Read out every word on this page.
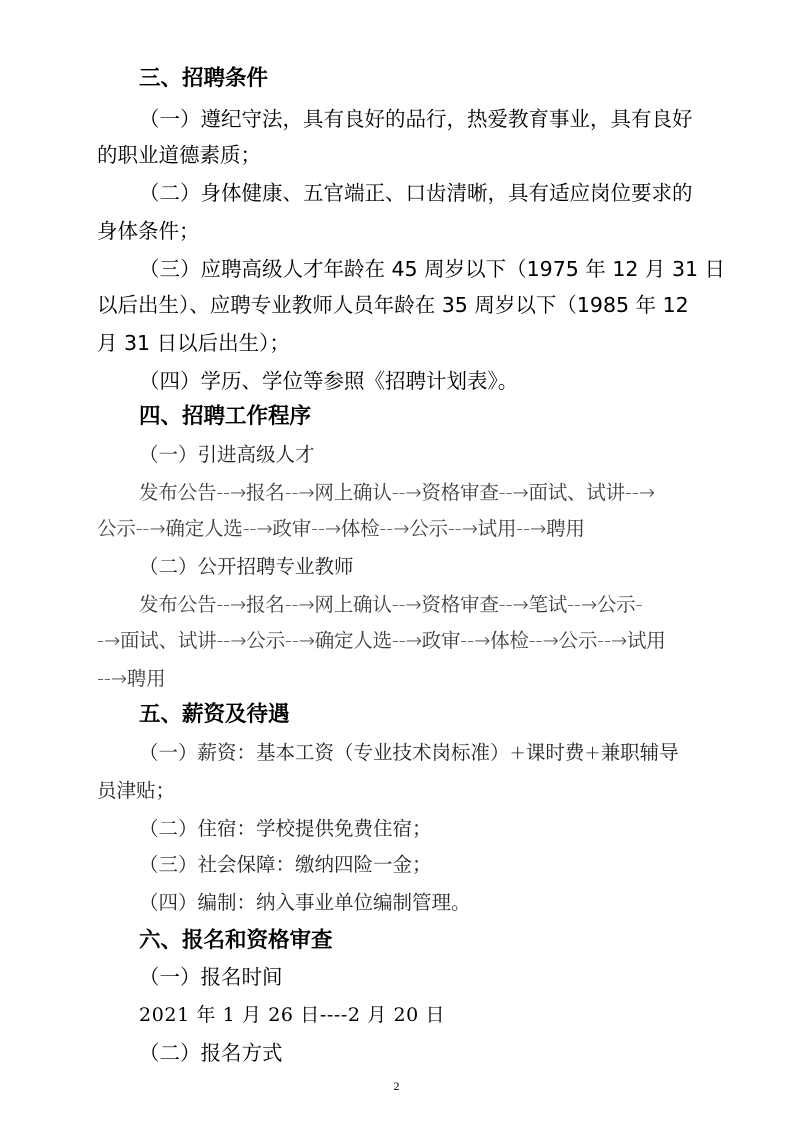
三、招聘条件
（一）遵纪守法，具有良好的品行，热爱教育事业，具有良好
的职业道德素质；
（二）身体健康、五官端正、口齿清晰，具有适应岗位要求的
身体条件；
（三）应聘高级人才年龄在 45 周岁以下（1975 年 12 月 31 日
以后出生）、应聘专业教师人员年龄在 35 周岁以下（1985 年 12
月 31 日以后出生）；
（四）学历、学位等参照《招聘计划表》。
四、招聘工作程序
（一）引进高级人才
发布公告--→报名--→网上确认--→资格审查--→面试、试讲--→
公示--→确定人选--→政审--→体检--→公示--→试用--→聘用
（二）公开招聘专业教师
发布公告--→报名--→网上确认--→资格审查--→笔试--→公示-
-→面试、试讲--→公示--→确定人选--→政审--→体检--→公示--→试用
--→聘用
五、薪资及待遇
（一）薪资：基本工资（专业技术岗标准）+课时费+兼职辅导
员津贴；
（二）住宿：学校提供免费住宿；
（三）社会保障：缴纳四险一金；
（四）编制：纳入事业单位编制管理。
六、报名和资格审查
（一）报名时间
2021 年 1 月 26 日----2 月 20 日
（二）报名方式
2
